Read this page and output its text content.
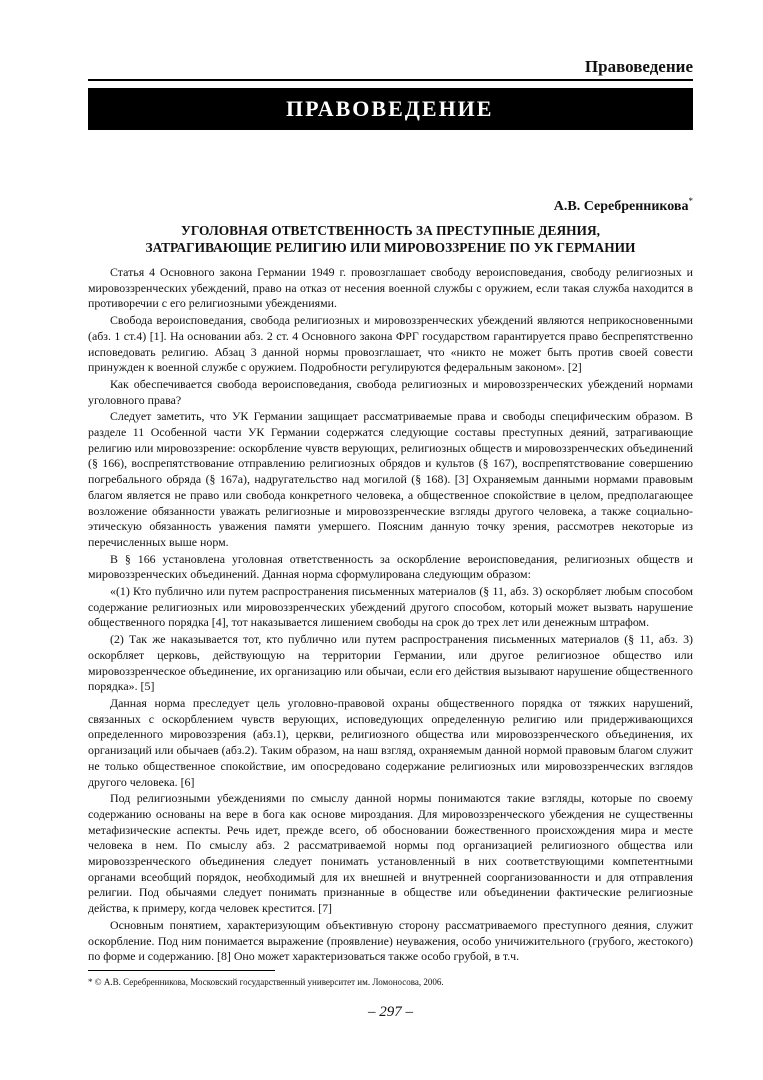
Правоведение
ПРАВОВЕДЕНИЕ
А.В. Серебренникова*
УГОЛОВНАЯ ОТВЕТСТВЕННОСТЬ ЗА ПРЕСТУПНЫЕ ДЕЯНИЯ,
ЗАТРАГИВАЮЩИЕ РЕЛИГИЮ ИЛИ МИРОВОЗЗРЕНИЕ ПО УК ГЕРМАНИИ

Статья 4 Основного закона Германии 1949 г. провозглашает свободу вероисповедания, свободу религиозных и мировоззренческих убеждений, право на отказ от несения военной службы с оружием, если такая служба находится в противоречии с его религиозными убеждениями.

Свобода вероисповедания, свобода религиозных и мировоззренческих убеждений являются неприкосновенными (абз. 1 ст.4) [1]. На основании абз. 2 ст. 4 Основного закона ФРГ государством гарантируется право беспрепятственно исповедовать религию. Абзац 3 данной нормы провозглашает, что «никто не может быть против своей совести принужден к военной службе с оружием. Подробности регулируются федеральным законом». [2]

Как обеспечивается свобода вероисповедания, свобода религиозных и мировоззренческих убеждений нормами уголовного права?

Следует заметить, что УК Германии защищает рассматриваемые права и свободы специфическим образом. В разделе 11 Особенной части УК Германии содержатся следующие составы преступных деяний, затрагивающие религию или мировоззрение: оскорбление чувств верующих, религиозных обществ и мировоззренческих объединений (§ 166), воспрепятствование отправлению религиозных обрядов и культов (§ 167), воспрепятствование совершению погребального обряда (§ 167а), надругательство над могилой (§ 168). [3] Охраняемым данными нормами правовым благом является не право или свобода конкретного человека, а общественное спокойствие в целом, предполагающее возложение обязанности уважать религиозные и мировоззренческие взгляды другого человека, а также социально-этическую обязанность уважения памяти умершего. Поясним данную точку зрения, рассмотрев некоторые из перечисленных выше норм.

В § 166 установлена уголовная ответственность за оскорбление вероисповедания, религиозных обществ и мировоззренческих объединений. Данная норма сформулирована следующим образом:

«(1) Кто публично или путем распространения письменных материалов (§ 11, абз. 3) оскорбляет любым способом содержание религиозных или мировоззренческих убеждений другого способом, который может вызвать нарушение общественного порядка [4], тот наказывается лишением свободы на срок до трех лет или денежным штрафом.

(2) Так же наказывается тот, кто публично или путем распространения письменных материалов (§ 11, абз. 3) оскорбляет церковь, действующую на территории Германии, или другое религиозное общество или мировоззренческое объединение, их организацию или обычаи, если его действия вызывают нарушение общественного порядка». [5]

Данная норма преследует цель уголовно-правовой охраны общественного порядка от тяжких нарушений, связанных с оскорблением чувств верующих, исповедующих определенную религию или придерживающихся определенного мировоззрения (абз.1), церкви, религиозного общества или мировоззренческого объединения, их организаций или обычаев (абз.2). Таким образом, на наш взгляд, охраняемым данной нормой правовым благом служит не только общественное спокойствие, им опосредовано содержание религиозных или мировоззренческих взглядов другого человека. [6]

Под религиозными убеждениями по смыслу данной нормы понимаются такие взгляды, которые по своему содержанию основаны на вере в бога как основе мироздания. Для мировоззренческого убеждения не существенны метафизические аспекты. Речь идет, прежде всего, об обосновании божественного происхождения мира и месте человека в нем. По смыслу абз. 2 рассматриваемой нормы под организацией религиозного общества или мировоззренческого объединения следует понимать установленный в них соответствующими компетентными органами всеобщий порядок, необходимый для их внешней и внутренней соорганизованности и для отправления религии. Под обычаями следует понимать признанные в обществе или объединении фактические религиозные действа, к примеру, когда человек крестится. [7]

Основным понятием, характеризующим объективную сторону рассматриваемого преступного деяния, служит оскорбление. Под ним понимается выражение (проявление) неуважения, особо уничижительного (грубого, жестокого) по форме и содержанию. [8] Оно может характеризоваться также особо грубой, в т.ч.

* © А.В. Серебренникова, Московский государственный университет им. Ломоносова, 2006.
– 297 –
